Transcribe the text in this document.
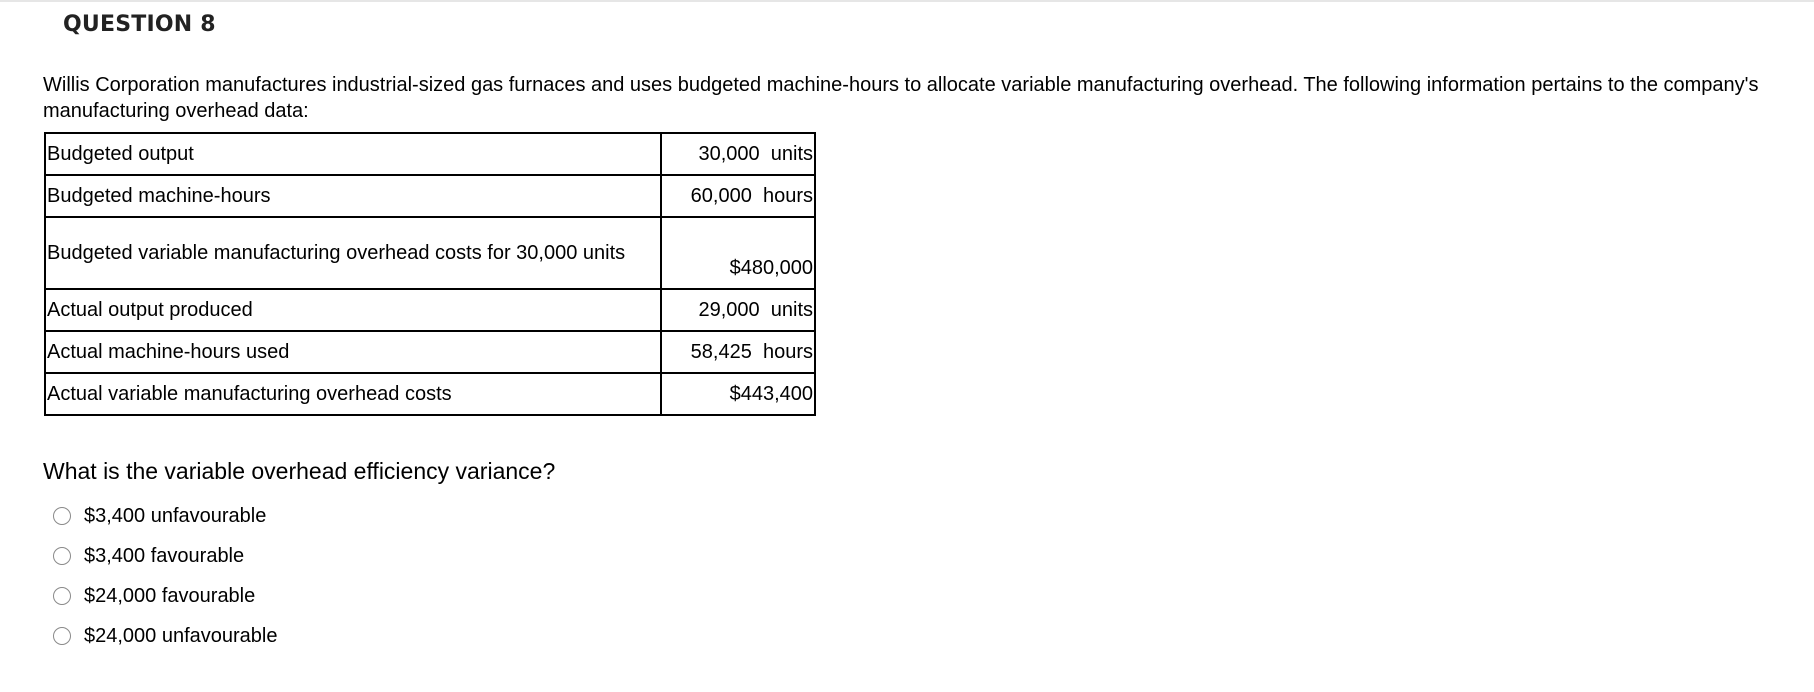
QUESTION 8
Willis Corporation manufactures industrial-sized gas furnaces and uses budgeted machine-hours to allocate variable manufacturing overhead. The following information pertains to the company's manufacturing overhead data:
Budgeted output	30,000  units
Budgeted machine-hours	60,000  hours
Budgeted variable manufacturing overhead costs for 30,000 units	$480,000
Actual output produced	29,000  units
Actual machine-hours used	58,425  hours
Actual variable manufacturing overhead costs	$443,400
What is the variable overhead efficiency variance?
$3,400 unfavourable
$3,400 favourable
$24,000 favourable
$24,000 unfavourable
